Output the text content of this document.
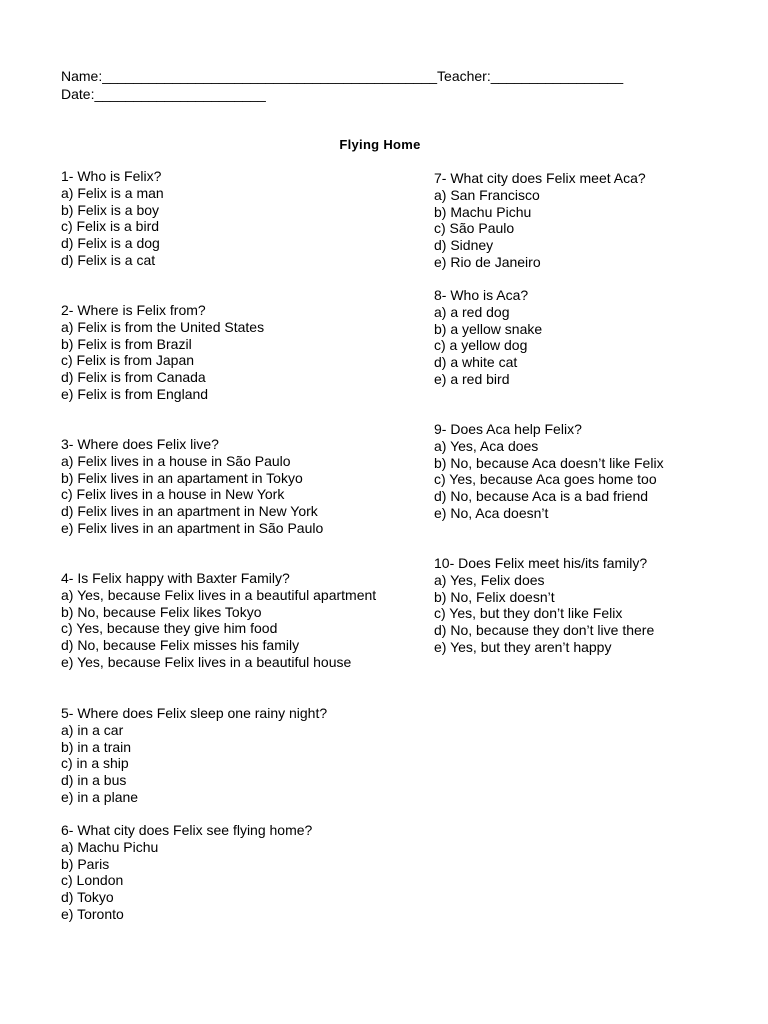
Name:___________________________________________Teacher:_________________
Date:______________________
Flying Home
1- Who is Felix?
a) Felix is a man
b) Felix is a boy
c) Felix is a bird
d) Felix is a dog
d) Felix is a cat
2- Where is Felix from?
a) Felix is from the United States
b) Felix is from Brazil
c) Felix is from Japan
d) Felix is from Canada
e) Felix is from England
3- Where does Felix live?
a) Felix lives in a house in São Paulo
b) Felix lives in an apartament in Tokyo
c) Felix lives in a house in New York
d) Felix lives in an apartment in New York
e) Felix lives in an apartment in São Paulo
4- Is Felix happy with Baxter Family?
a) Yes, because Felix lives in a beautiful apartment
b) No, because Felix likes Tokyo
c) Yes, because they give him food
d) No, because Felix misses his family
e) Yes, because Felix lives in a beautiful house
5- Where does Felix sleep one rainy night?
a) in a car
b) in a train
c) in a ship
d) in a bus
e) in a plane
6- What city does Felix see flying home?
a) Machu Pichu
b) Paris
c) London
d) Tokyo
e) Toronto
7- What city does Felix meet Aca?
a) San Francisco
b) Machu Pichu
c) São Paulo
d) Sidney
e) Rio de Janeiro
8- Who is Aca?
a) a red dog
b) a yellow snake
c) a yellow dog
d) a white cat
e) a red bird
9- Does Aca help Felix?
a) Yes, Aca does
b) No, because Aca doesn’t like Felix
c) Yes, because Aca goes home too
d) No, because Aca is a bad friend
e) No, Aca doesn’t
10- Does Felix meet his/its family?
a) Yes, Felix does
b) No, Felix doesn’t
c) Yes, but they don’t like Felix
d) No, because they don’t live there
e) Yes, but they aren’t happy
